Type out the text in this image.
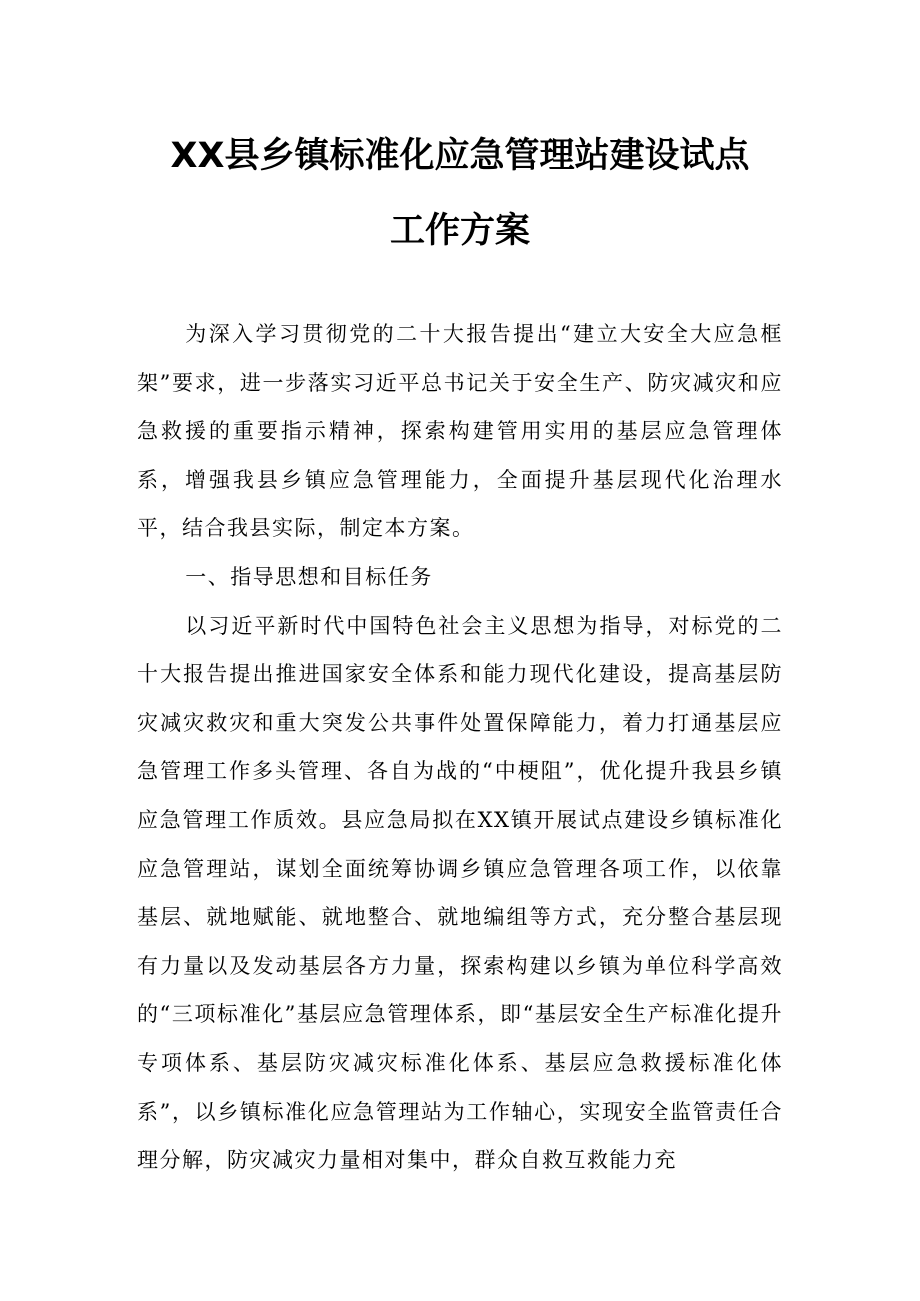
XX县乡镇标准化应急管理站建设试点
工作方案

为深入学习贯彻党的二十大报告提出“建立大安全大应急框架”要求，进一步落实习近平总书记关于安全生产、防灾减灾和应急救援的重要指示精神，探索构建管用实用的基层应急管理体系，增强我县乡镇应急管理能力，全面提升基层现代化治理水平，结合我县实际，制定本方案。

一、指导思想和目标任务

以习近平新时代中国特色社会主义思想为指导，对标党的二十大报告提出推进国家安全体系和能力现代化建设，提高基层防灾减灾救灾和重大突发公共事件处置保障能力，着力打通基层应急管理工作多头管理、各自为战的“中梗阻”，优化提升我县乡镇应急管理工作质效。县应急局拟在XX镇开展试点建设乡镇标准化应急管理站，谋划全面统筹协调乡镇应急管理各项工作，以依靠基层、就地赋能、就地整合、就地编组等方式，充分整合基层现有力量以及发动基层各方力量，探索构建以乡镇为单位科学高效的“三项标准化”基层应急管理体系，即“基层安全生产标准化提升专项体系、基层防灾减灾标准化体系、基层应急救援标准化体系”，以乡镇标准化应急管理站为工作轴心，实现安全监管责任合理分解，防灾减灾力量相对集中，群众自救互救能力充
